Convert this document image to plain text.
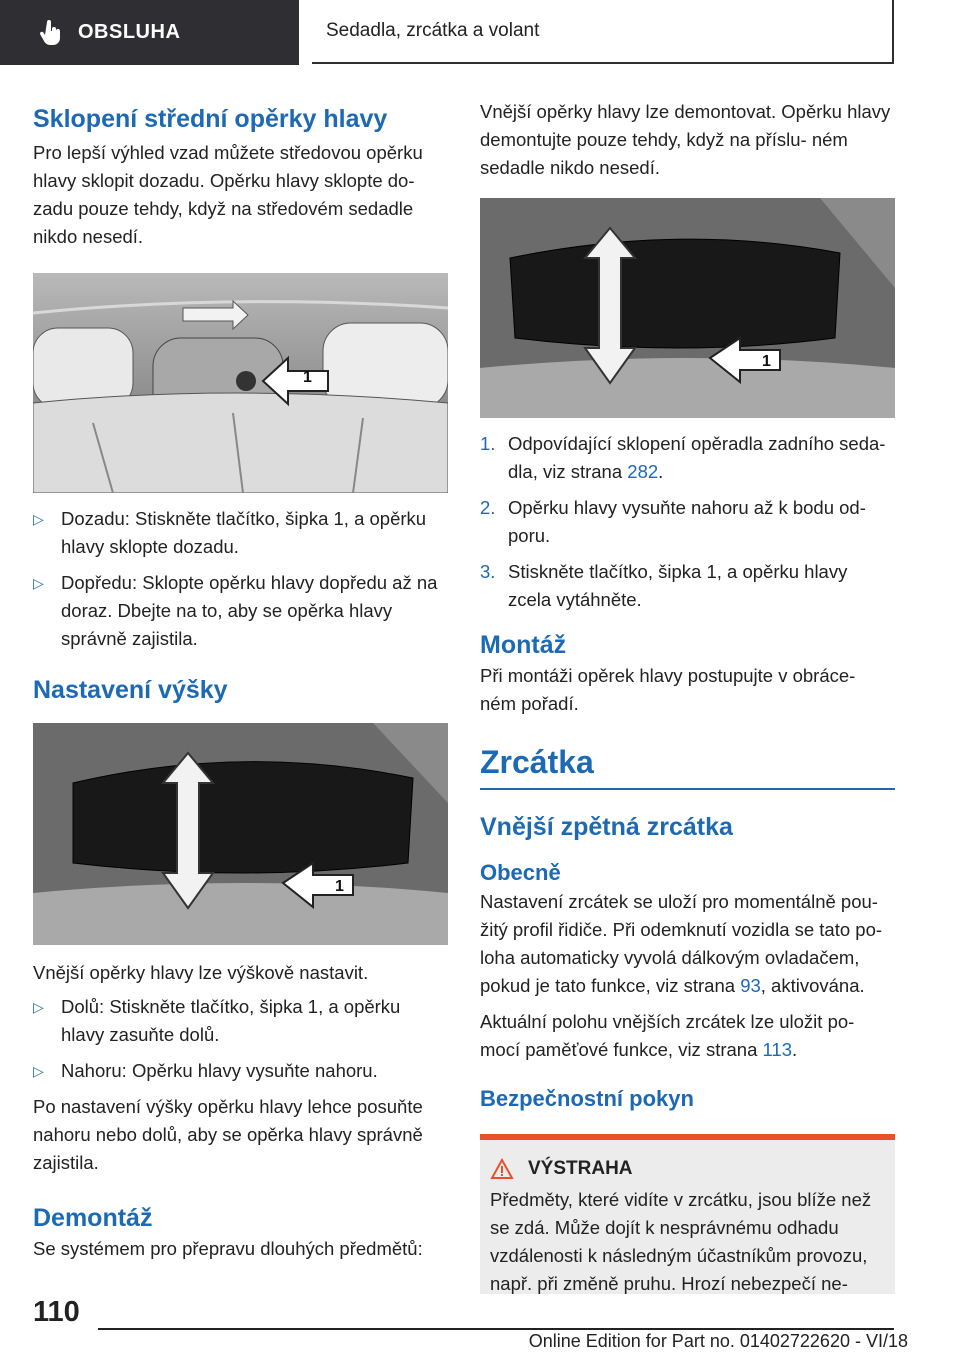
OBSLUHA	Sedadla, zrcátka a volant
Sklopení střední opěrky hlavy

Pro lepší výhled vzad můžete středovou opěrku hlavy sklopit dozadu. Opěrku hlavy sklopte do- zadu pouze tehdy, když na středovém sedadle nikdo nesedí.

1
▷ Dozadu: Stiskněte tlačítko, šipka 1, a opěrku hlavy sklopte dozadu.
▷ Dopředu: Sklopte opěrku hlavy dopředu až na doraz. Dbejte na to, aby se opěrka hlavy správně zajistila.
Nastavení výšky
1

Vnější opěrky hlavy lze výškově nastavit.

▷ Dolů: Stiskněte tlačítko, šipka 1, a opěrku hlavy zasuňte dolů.
▷ Nahoru: Opěrku hlavy vysuňte nahoru.

Po nastavení výšky opěrku hlavy lehce posuňte nahoru nebo dolů, aby se opěrka hlavy správně zajistila.

Demontáž

Se systémem pro přepravu dlouhých předmětů:

Vnější opěrky hlavy lze demontovat. Opěrku hlavy demontujte pouze tehdy, když na příslu- ném sedadle nikdo nesedí.

1
1. Odpovídající sklopení opěradla zadního seda- dla, viz strana 282.
2. Opěrku hlavy vysuňte nahoru až k bodu od- poru.
3. Stiskněte tlačítko, šipka 1, a opěrku hlavy zcela vytáhněte.
Montáž

Při montáži opěrek hlavy postupujte v obráce- ném pořadí.

Zrcátka
Vnější zpětná zrcátka
Obecně

Nastavení zrcátek se uloží pro momentálně pou- žitý profil řidiče. Při odemknutí vozidla se tato po- loha automaticky vyvolá dálkovým ovladačem, pokud je tato funkce, viz strana 93, aktivována.

Aktuální polohu vnějších zrcátek lze uložit po- mocí paměťové funkce, viz strana 113.

Bezpečnostní pokyn
VÝSTRAHA

Předměty, které vidíte v zrcátku, jsou blíže než se zdá. Může dojít k nesprávnému odhadu vzdálenosti k následným účastníkům provozu, např. při změně pruhu. Hrozí nebezpečí ne-

110
Online Edition for Part no. 01402722620 - VI/18
